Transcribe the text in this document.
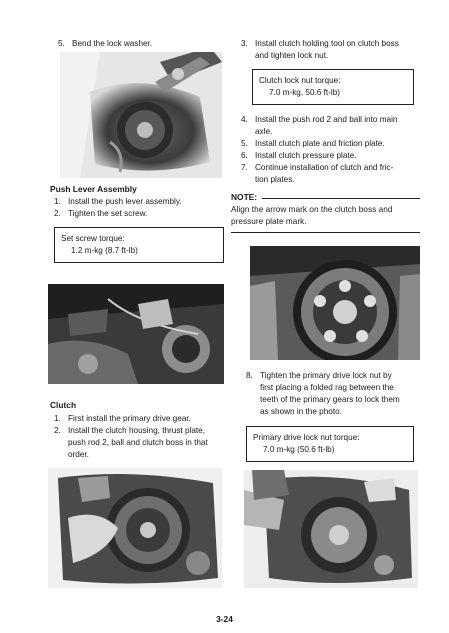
5. Bend the lock washer.
Push Lever Assembly
1. Install the push lever assembly.
2. Tighten the set screw.
Set screw torque:
1.2 m-kg (8.7 ft-lb)
Clutch
1. First install the primary drive gear.
2. Install the clutch housing, thrust plate,
push rod 2, ball and clutch boss in that
order.
3. Install clutch holding tool on clutch boss
and tighten lock nut.
Clutch lock nut torque:
7.0 m-kg, 50.6 ft-lb)
4. Install the push rod 2 and ball into main
axle.
5. Install clutch plate and friction plate.
6. Install clutch pressure plate.
7. Continue installation of clutch and fric-
tion plates.
NOTE:
Align the arrow mark on the clutch boss and
pressure plate mark.
8. Tighten the primary drive lock nut by
first placing a folded rag between the
teeth of the primary gears to lock them
as shown in the photo.
Primary drive lock nut torque:
7.0 m-kg (50.6 ft-lb)
3-24
